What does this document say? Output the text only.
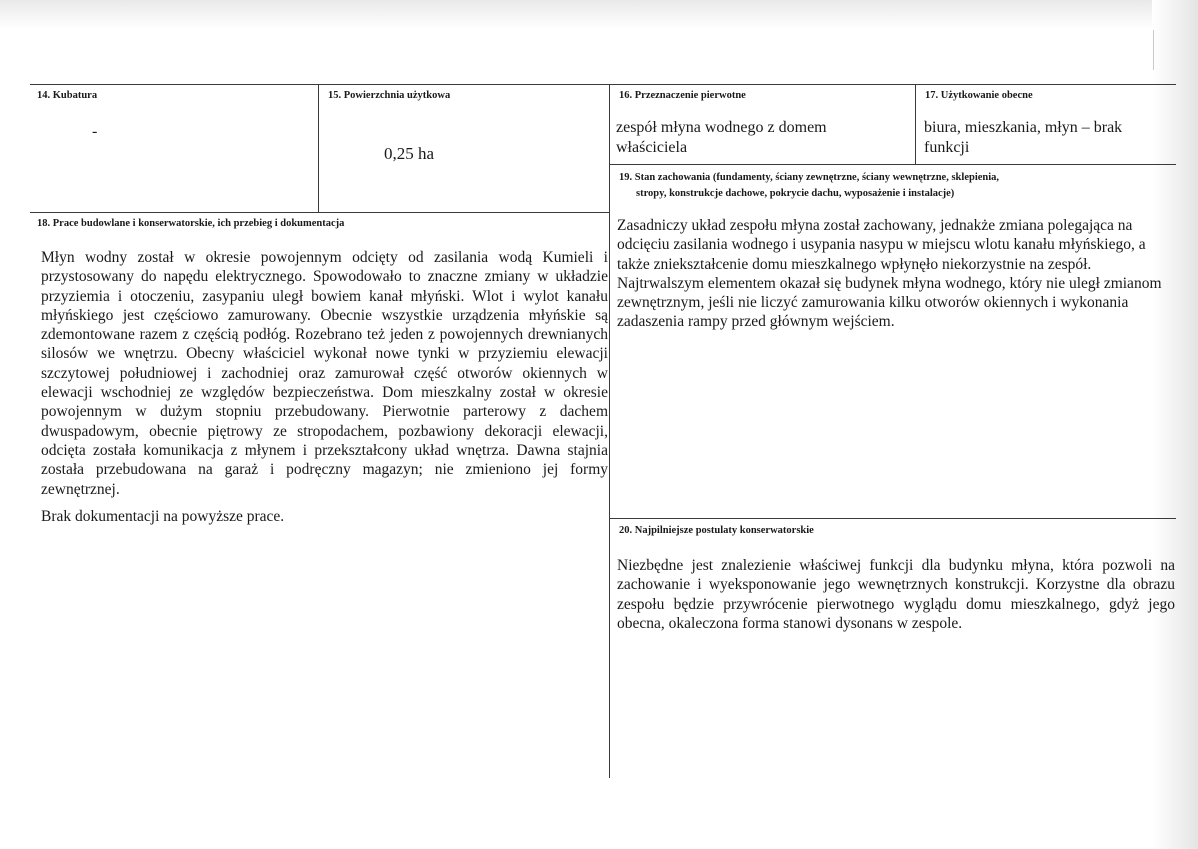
14. Kubatura
-
15. Powierzchnia użytkowa
0,25 ha
16. Przeznaczenie pierwotne
zespół młyna wodnego z domem właściciela
17. Użytkowanie obecne
biura, mieszkania, młyn – brak funkcji
18. Prace budowlane i konserwatorskie, ich przebieg i dokumentacja
Młyn wodny został w okresie powojennym odcięty od zasilania wodą Kumieli i przystosowany do napędu elektrycznego. Spowodowało to znaczne zmiany w układzie przyziemia i otoczeniu, zasypaniu uległ bowiem kanał młyński. Wlot i wylot kanału młyńskiego jest częściowo zamurowany. Obecnie wszystkie urządzenia młyńskie są zdemontowane razem z częścią podłóg. Rozebrano też jeden z powojennych drewnianych silosów we wnętrzu. Obecny właściciel wykonał nowe tynki w przyziemiu elewacji szczytowej południowej i zachodniej oraz zamurował część otworów okiennych w elewacji wschodniej ze względów bezpieczeństwa. Dom mieszkalny został w okresie powojennym w dużym stopniu przebudowany. Pierwotnie parterowy z dachem dwuspadowym, obecnie piętrowy ze stropodachem, pozbawiony dekoracji elewacji, odcięta została komunikacja z młynem i przekształcony układ wnętrza. Dawna stajnia została przebudowana na garaż i podręczny magazyn; nie zmieniono jej formy zewnętrznej.
Brak dokumentacji na powyższe prace.
19. Stan zachowania (fundamenty, ściany zewnętrzne, ściany wewnętrzne, sklepienia,
stropy, konstrukcje dachowe, pokrycie dachu, wyposażenie i instalacje)
Zasadniczy układ zespołu młyna został zachowany, jednakże zmiana polegająca na odcięciu zasilania wodnego i usypania nasypu w miejscu wlotu kanału młyńskiego, a także zniekształcenie domu mieszkalnego wpłynęło niekorzystnie na zespół. Najtrwalszym elementem okazał się budynek młyna wodnego, który nie uległ zmianom zewnętrznym, jeśli nie liczyć zamurowania kilku otworów okiennych i wykonania zadaszenia rampy przed głównym wejściem.
20. Najpilniejsze postulaty konserwatorskie
Niezbędne jest znalezienie właściwej funkcji dla budynku młyna, która pozwoli na zachowanie i wyeksponowanie jego wewnętrznych konstrukcji. Korzystne dla obrazu zespołu będzie przywrócenie pierwotnego wyglądu domu mieszkalnego, gdyż jego obecna, okaleczona forma stanowi dysonans w zespole.
